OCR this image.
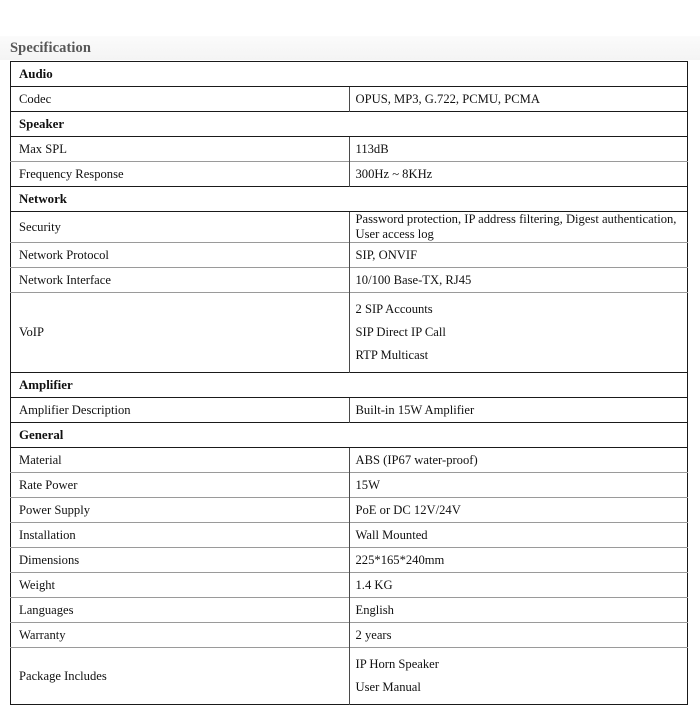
Specification
Audio	
Codec	OPUS, MP3, G.722, PCMU, PCMA
Speaker	
Max SPL	113dB
Frequency Response	300Hz ~ 8KHz
Network	
Security	Password protection, IP address filtering, Digest authentication, User access log
Network Protocol	SIP, ONVIF
Network Interface	10/100 Base-TX, RJ45
VoIP	2 SIP Accounts
SIP Direct IP Call
RTP Multicast

Amplifier	
Amplifier Description	Built-in 15W Amplifier
General	
Material	ABS (IP67 water-proof)
Rate Power	15W
Power Supply	PoE or DC 12V/24V
Installation	Wall Mounted
Dimensions	225*165*240mm
Weight	1.4 KG
Languages	English
Warranty	2 years
Package Includes	IP Horn Speaker
User Manual
